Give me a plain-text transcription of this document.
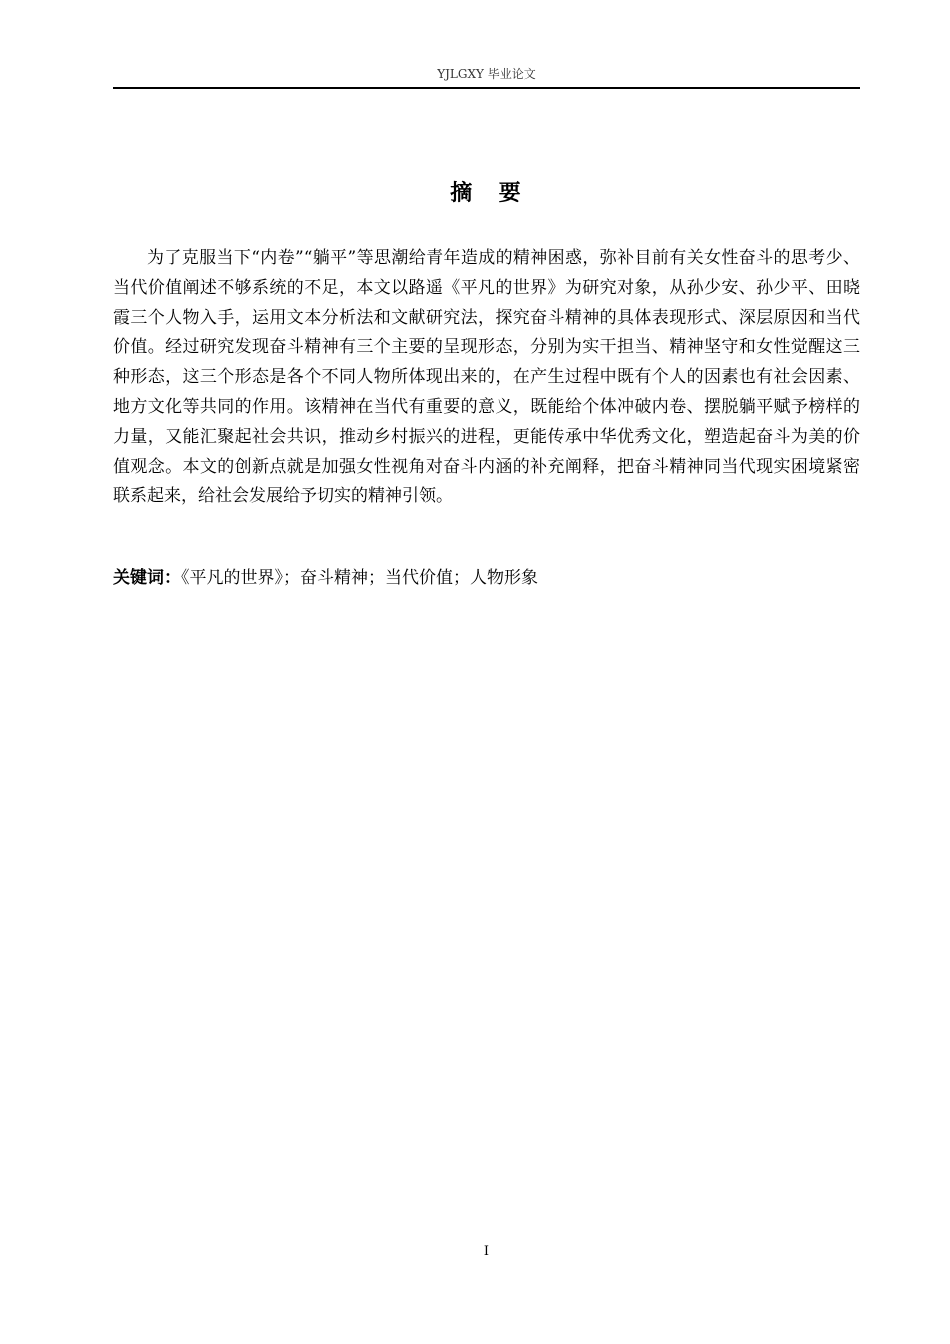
YJLGXY 毕业论文
摘　要

为了克服当下“内卷”“躺平”等思潮给青年造成的精神困惑，弥补目前有关女性奋斗的思考少、当代价值阐述不够系统的不足，本文以路遥《平凡的世界》为研究对象，从孙少安、孙少平、田晓霞三个人物入手，运用文本分析法和文献研究法，探究奋斗精神的具体表现形式、深层原因和当代价值。经过研究发现奋斗精神有三个主要的呈现形态，分别为实干担当、精神坚守和女性觉醒这三种形态，这三个形态是各个不同人物所体现出来的，在产生过程中既有个人的因素也有社会因素、地方文化等共同的作用。该精神在当代有重要的意义，既能给个体冲破内卷、摆脱躺平赋予榜样的力量，又能汇聚起社会共识，推动乡村振兴的进程，更能传承中华优秀文化，塑造起奋斗为美的价值观念。本文的创新点就是加强女性视角对奋斗内涵的补充阐释，把奋斗精神同当代现实困境紧密联系起来，给社会发展给予切实的精神引领。

关键词：《平凡的世界》；奋斗精神；当代价值；人物形象
I
